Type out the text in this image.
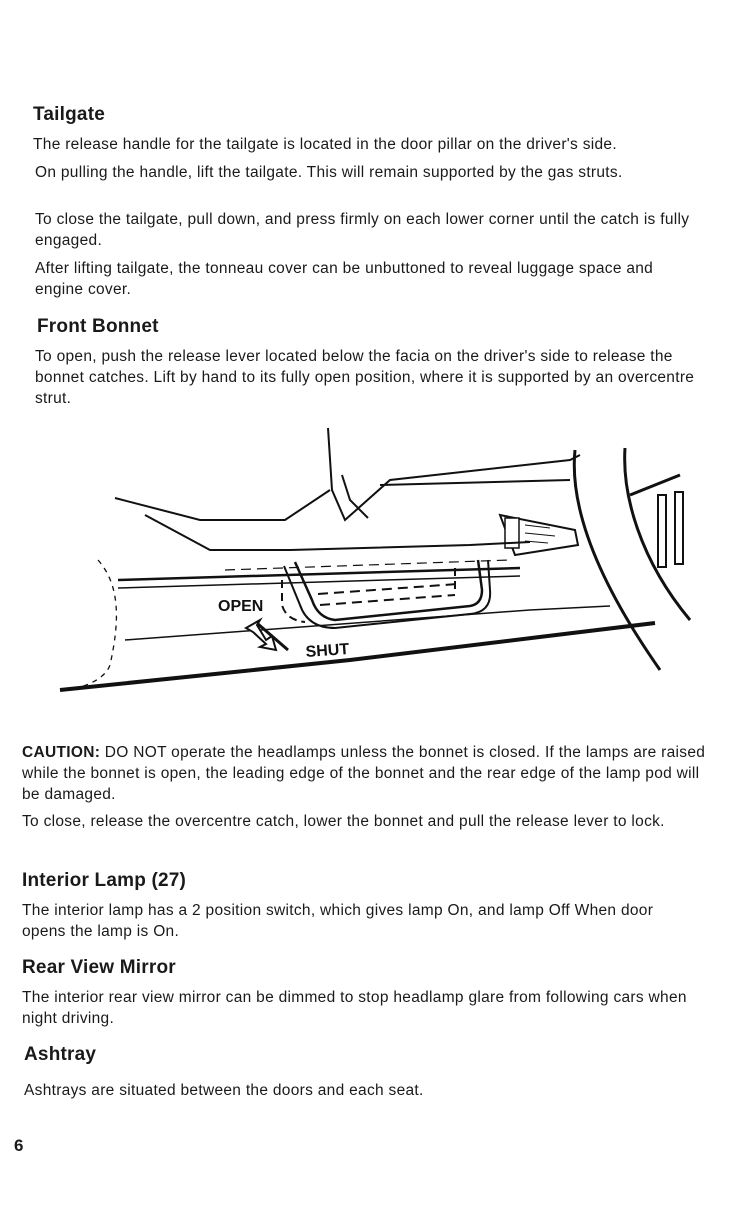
Tailgate

The release handle for the tailgate is located in the door pillar on the driver's side.

On pulling the handle, lift the tailgate. This will remain supported by the gas struts.

To close the tailgate, pull down, and press firmly on each lower corner until the catch is fully engaged.

After lifting tailgate, the tonneau cover can be unbuttoned to reveal luggage space and engine cover.

Front Bonnet

To open, push the release lever located below the facia on the driver's side to release the bonnet catches. Lift by hand to its fully open position, where it is supported by an overcentre strut.

OPEN
SHUT

CAUTION: DO NOT operate the headlamps unless the bonnet is closed. If the lamps are raised while the bonnet is open, the leading edge of the bonnet and the rear edge of the lamp pod will be damaged.

To close, release the overcentre catch, lower the bonnet and pull the release lever to lock.

Interior Lamp (27)

The interior lamp has a 2 position switch, which gives lamp On, and lamp Off When door opens the lamp is On.

Rear View Mirror

The interior rear view mirror can be dimmed to stop headlamp glare from following cars when night driving.

Ashtray

Ashtrays are situated between the doors and each seat.

6
